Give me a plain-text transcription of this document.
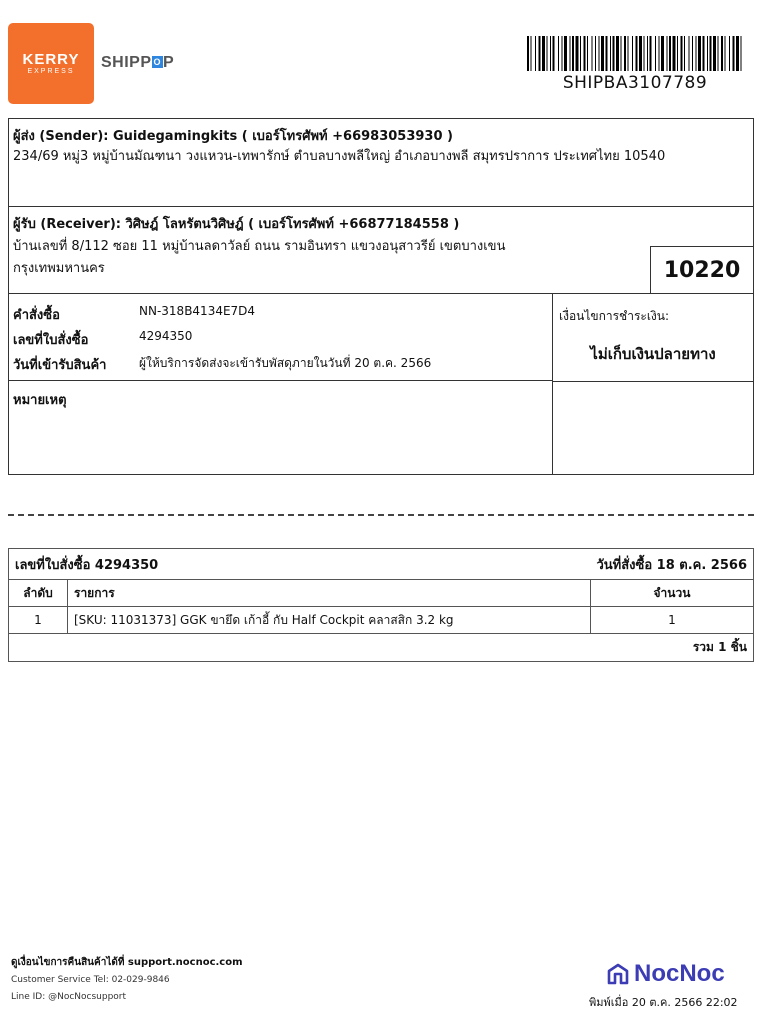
KERRY
EXPRESS SHIPP O P
SHIPBA3107789
ผู้ส่ง (Sender): Guidegamingkits ( เบอร์โทรศัพท์ +66983053930 )
234/69 หมู่3 หมู่บ้านมัณฑนา วงแหวน-เทพารักษ์ ตำบลบางพลีใหญ่ อำเภอบางพลี สมุทรปราการ ประเทศไทย 10540
ผู้รับ (Receiver): วิศิษฎ์ โลหรัตนวิศิษฎ์ ( เบอร์โทรศัพท์ +66877184558 )
บ้านเลขที่ 8/112 ซอย 11 หมู่บ้านลดาวัลย์ ถนน รามอินทรา แขวงอนุสาวรีย์ เขตบางเขน
กรุงเทพมหานคร	10220
คำสั่งซื้อ	NN-318B4134E7D4
เลขที่ใบสั่งซื้อ	4294350
วันที่เข้ารับสินค้า	ผู้ให้บริการจัดส่งจะเข้ารับพัสดุภายในวันที่ 20 ต.ค. 2566
หมายเหตุ
เงื่อนไขการชำระเงิน:
ไม่เก็บเงินปลายทาง
เลขที่ใบสั่งซื้อ 4294350		วันที่สั่งซื้อ 18 ต.ค. 2566
ลำดับ	รายการ	จำนวน
1	[SKU: 11031373] GGK ขายึด เก้าอี้ กับ Half Cockpit คลาสสิก 3.2 kg	1
รวม 1 ชิ้น		
ดูเงื่อนไขการคืนสินค้าได้ที่ support.nocnoc.com
Customer Service Tel: 02-029-9846
Line ID: @NocNocsupport
NocNoc
พิมพ์เมื่อ 20 ต.ค. 2566 22:02
